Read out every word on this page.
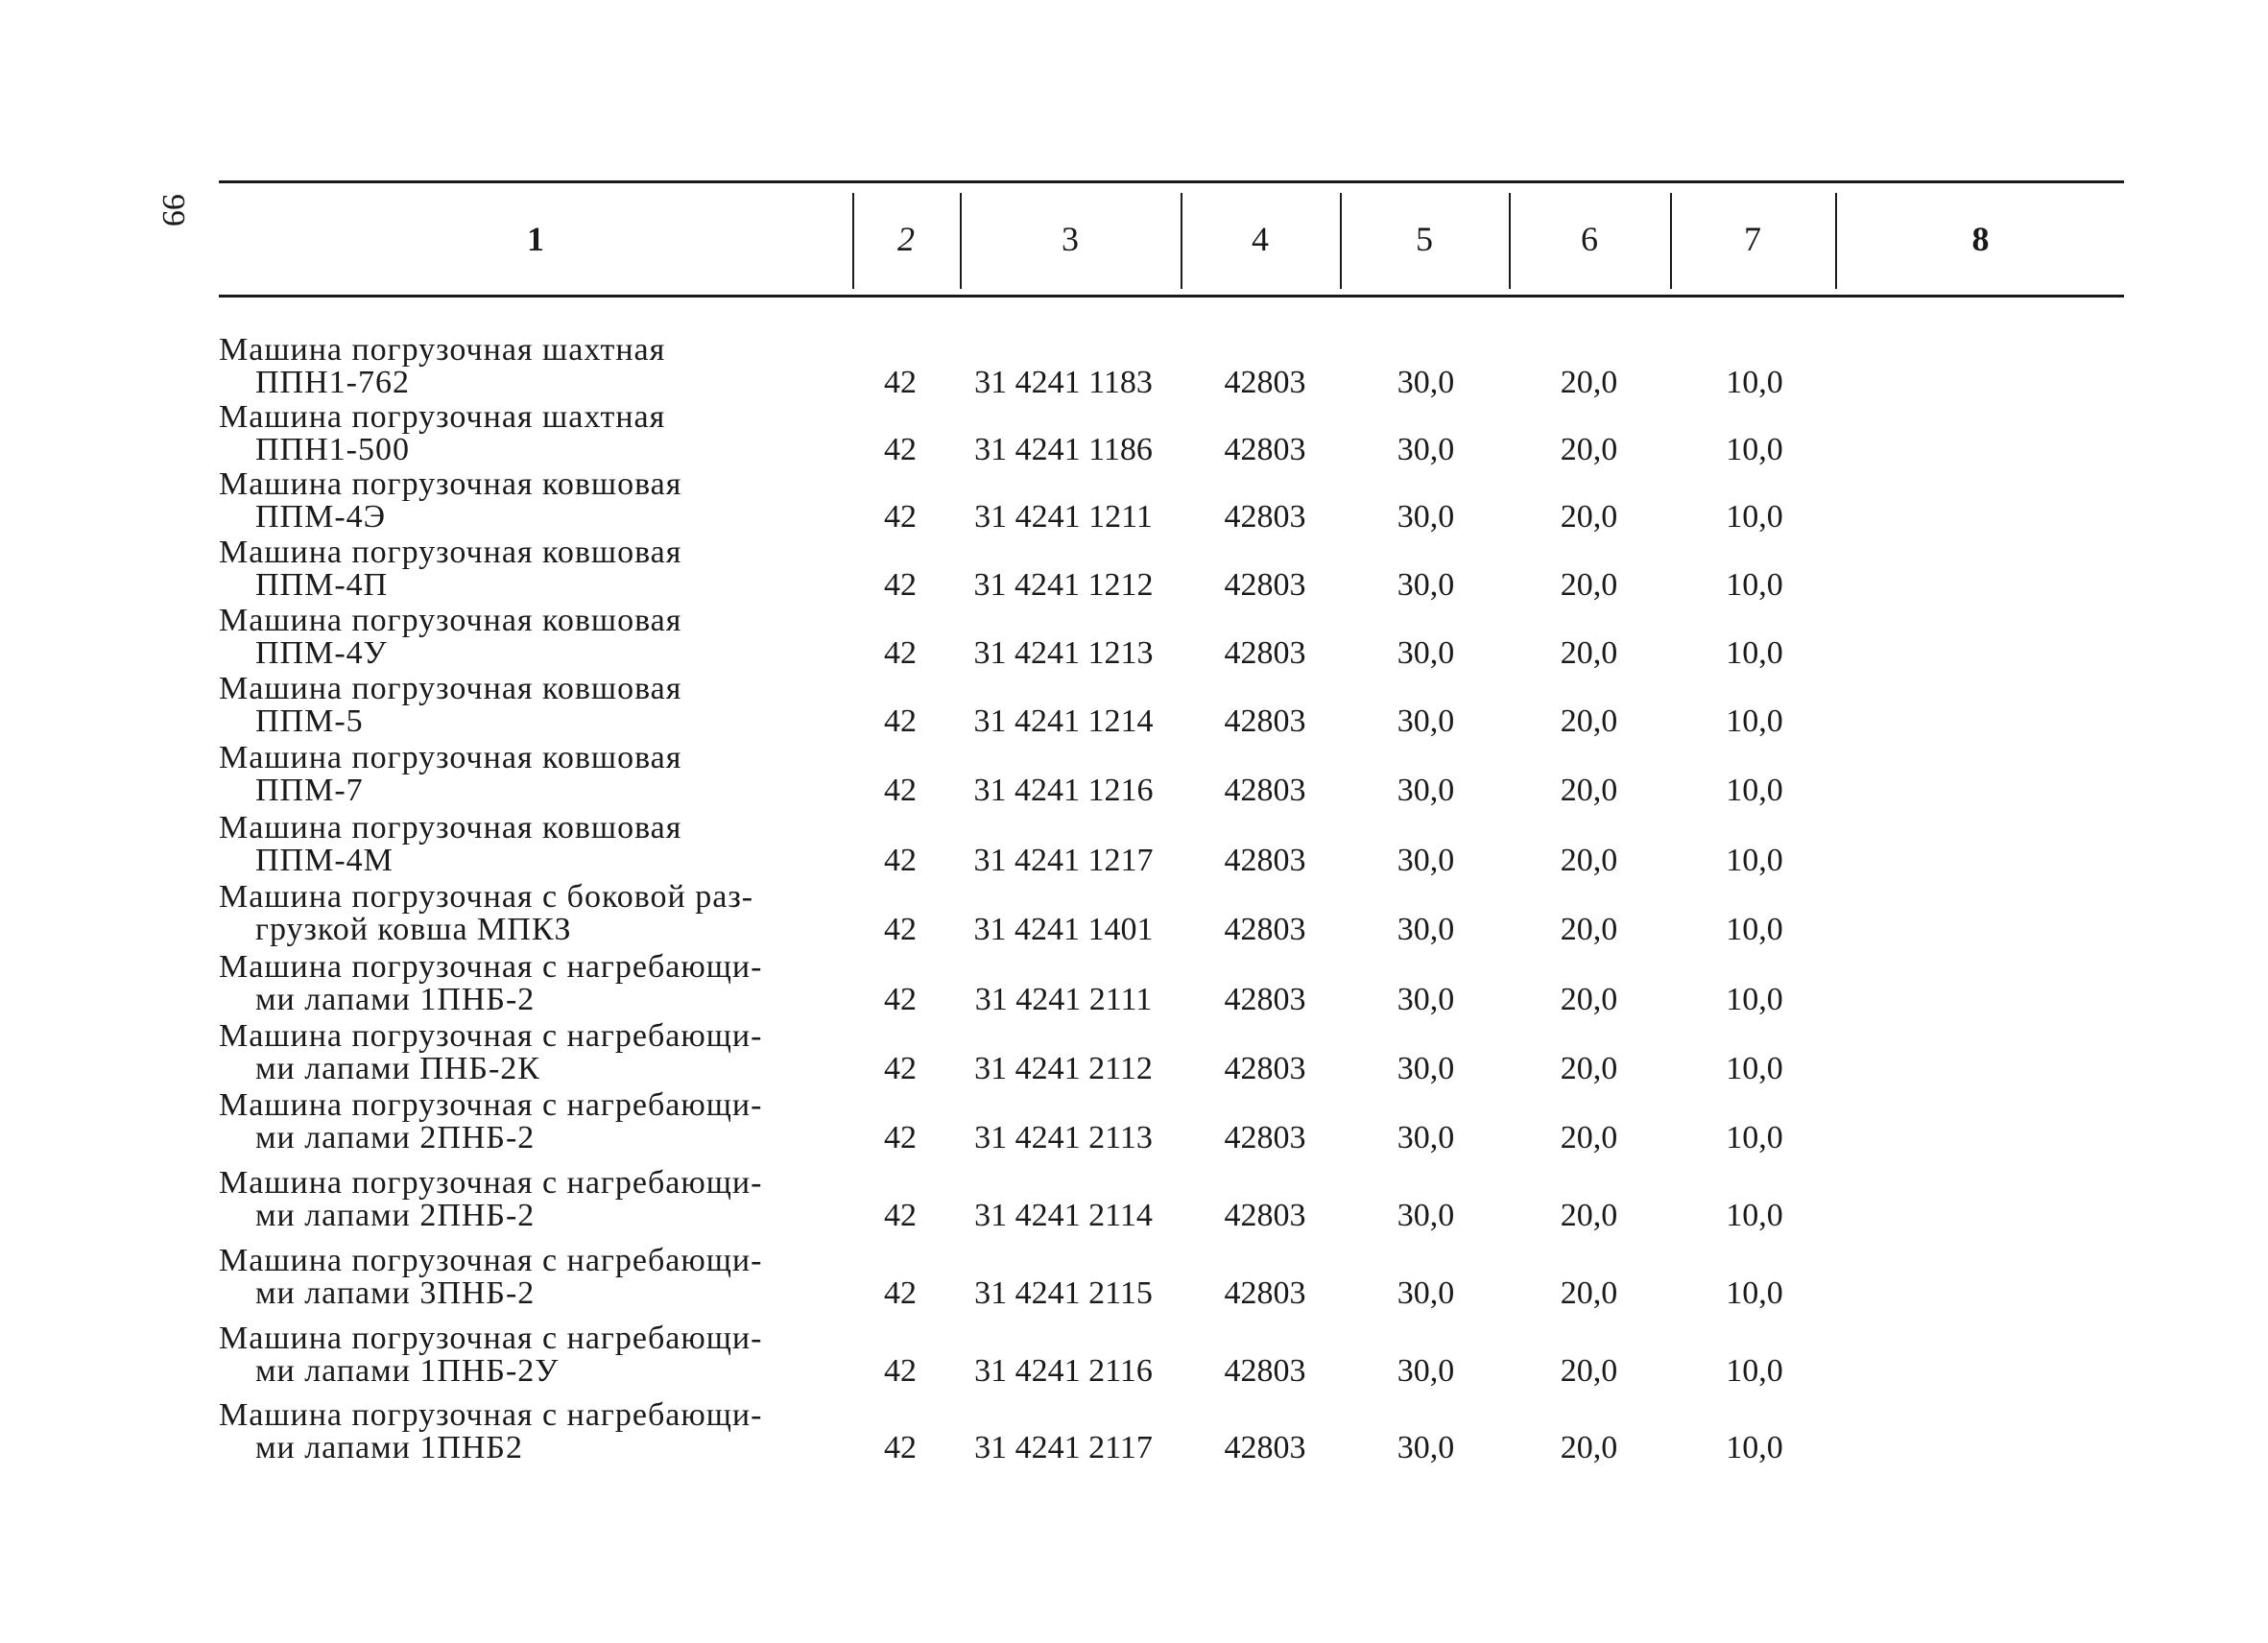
99
1	2	3	4	5	6	7	8
Машина погрузочная шахтная
ППН1-762	42	31 4241 1183	42803	30,0	20,0	10,0
Машина погрузочная шахтная
ППН1-500	42	31 4241 1186	42803	30,0	20,0	10,0
Машина погрузочная ковшовая
ППМ-4Э	42	31 4241 1211	42803	30,0	20,0	10,0
Машина погрузочная ковшовая
ППМ-4П	42	31 4241 1212	42803	30,0	20,0	10,0
Машина погрузочная ковшовая
ППМ-4У	42	31 4241 1213	42803	30,0	20,0	10,0
Машина погрузочная ковшовая
ППМ-5	42	31 4241 1214	42803	30,0	20,0	10,0
Машина погрузочная ковшовая
ППМ-7	42	31 4241 1216	42803	30,0	20,0	10,0
Машина погрузочная ковшовая
ППМ-4М	42	31 4241 1217	42803	30,0	20,0	10,0
Машина погрузочная с боковой раз-
грузкой ковша МПКЗ	42	31 4241 1401	42803	30,0	20,0	10,0
Машина погрузочная с нагребающи-
ми лапами 1ПНБ-2	42	31 4241 2111	42803	30,0	20,0	10,0
Машина погрузочная с нагребающи-
ми лапами ПНБ-2К	42	31 4241 2112	42803	30,0	20,0	10,0
Машина погрузочная с нагребающи-
ми лапами 2ПНБ-2	42	31 4241 2113	42803	30,0	20,0	10,0
Машина погрузочная с нагребающи-
ми лапами 2ПНБ-2	42	31 4241 2114	42803	30,0	20,0	10,0
Машина погрузочная с нагребающи-
ми лапами 3ПНБ-2	42	31 4241 2115	42803	30,0	20,0	10,0
Машина погрузочная с нагребающи-
ми лапами 1ПНБ-2У	42	31 4241 2116	42803	30,0	20,0	10,0
Машина погрузочная с нагребающи-
ми лапами 1ПНБ2	42	31 4241 2117	42803	30,0	20,0	10,0
